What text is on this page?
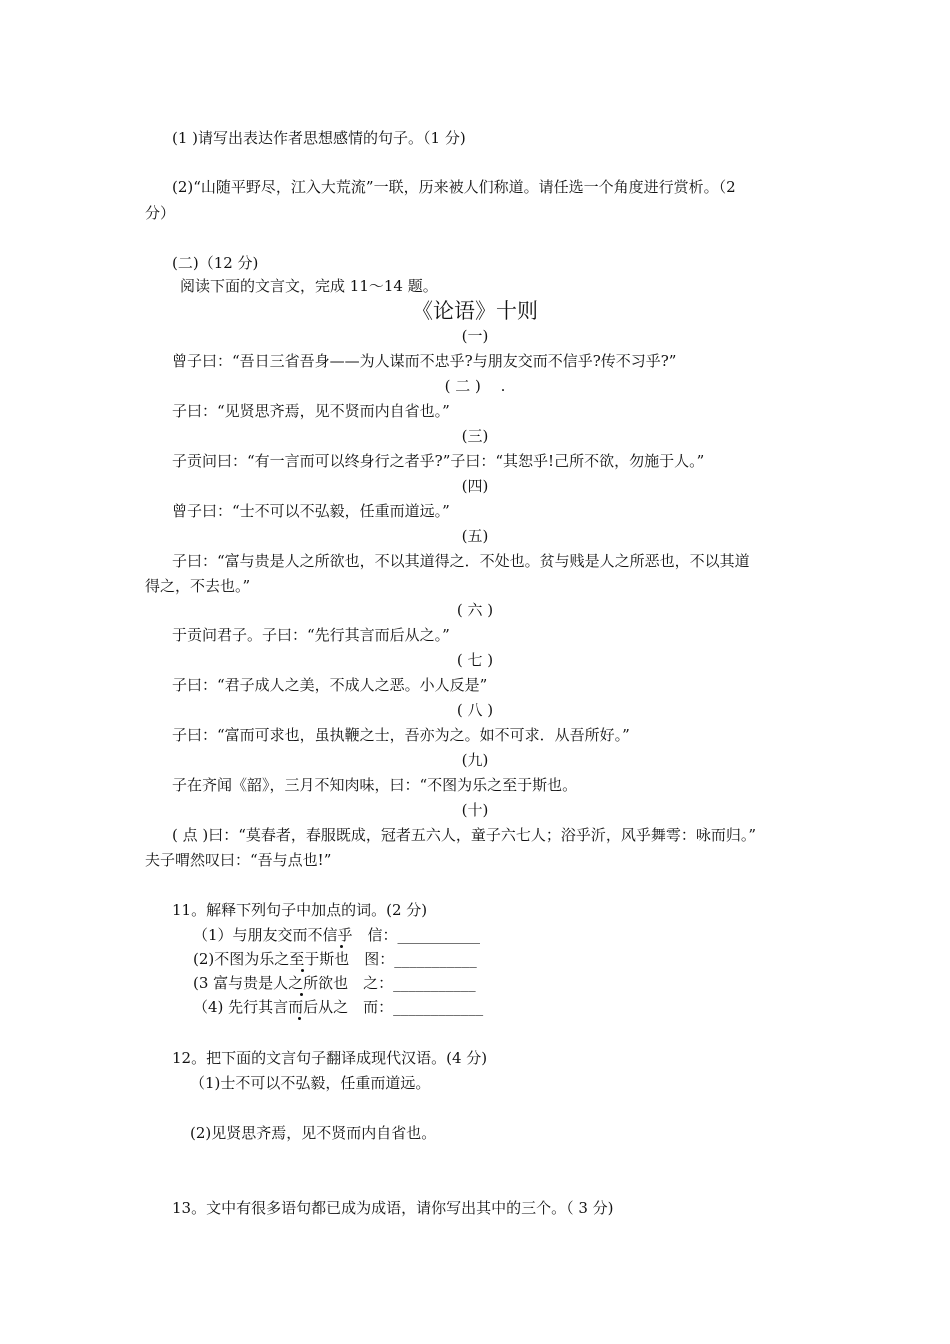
(1 )请写出表达作者思想感情的句子。（1 分)
(2)“山随平野尽，江入大荒流”一联，历来被人们称道。请任选一个角度进行赏析。（2
分）
(二)（12 分)
阅读下面的文言文，完成 11～14 题。
《论语》十则
(一)
曾子曰：“吾日三省吾身——为人谋而不忠乎?与朋友交而不信乎?传不习乎?”
( 二 )　 .
子曰：“见贤思齐焉，见不贤而内自省也。”
(三)
子贡问曰：“有一言而可以终身行之者乎?”子曰：“其恕乎!己所不欲，勿施于人。”
(四)
曾子曰：“士不可以不弘毅，任重而道远。”
(五)
子曰：“富与贵是人之所欲也，不以其道得之．不处也。贫与贱是人之所恶也，不以其道
得之，不去也。”
( 六 )
于贡问君子。子曰：“先行其言而后从之。”
( 七 )
子曰：“君子成人之美，不成人之恶。小人反是”
( 八 )
子曰：“富而可求也，虽执鞭之士，吾亦为之。如不可求．从吾所好。”
(九)
子在齐闻《韶》，三月不知肉味，曰：“不图为乐之至于斯也。
(十)
( 点 )曰：“莫春者，春服既成，冠者五六人，童子六七人；浴乎沂，风乎舞雩：咏而归。”
夫子喟然叹曰：“吾与点也!”
11。解释下列句子中加点的词。(2 分)
（1）与朋友交而不信乎　信：___________
(2)不图为乐之至于斯也　图：___________
(3 富与贵是人之所欲也　之：___________
（4) 先行其言而后从之　而：____________
12。把下面的文言句子翻译成现代汉语。(4 分)
（1)士不可以不弘毅，任重而道远。
(2)见贤思齐焉，见不贤而内自省也。
13。文中有很多语句都已成为成语，请你写出其中的三个。（ 3 分)
